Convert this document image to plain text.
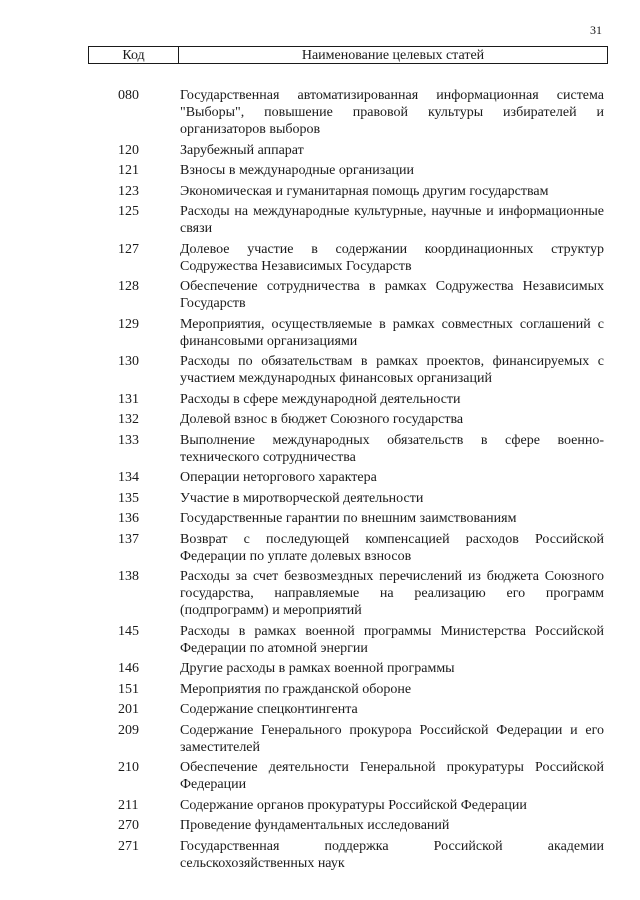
31
Код	Наименование целевых статей
080	Государственная автоматизированная информационная система "Выборы", повышение правовой культуры избирателей и организаторов выборов
120	Зарубежный аппарат
121	Взносы в международные организации
123	Экономическая и гуманитарная помощь другим государствам
125	Расходы на международные культурные, научные и информационные связи
127	Долевое участие в содержании координационных структур Содружества Независимых Государств
128	Обеспечение сотрудничества в рамках Содружества Независимых Государств
129	Мероприятия, осуществляемые в рамках совместных соглашений с финансовыми организациями
130	Расходы по обязательствам в рамках проектов, финансируемых с участием международных финансовых организаций
131	Расходы в сфере международной деятельности
132	Долевой взнос в бюджет Союзного государства
133	Выполнение международных обязательств в сфере военно-технического сотрудничества
134	Операции неторгового характера
135	Участие в миротворческой деятельности
136	Государственные гарантии по внешним заимствованиям
137	Возврат с последующей компенсацией расходов Российской Федерации по уплате долевых взносов
138	Расходы за счет безвозмездных перечислений из бюджета Союзного государства, направляемые на реализацию его программ (подпрограмм) и мероприятий
145	Расходы в рамках военной программы Министерства Российской Федерации по атомной энергии
146	Другие расходы в рамках военной программы
151	Мероприятия по гражданской обороне
201	Содержание спецконтингента
209	Содержание Генерального прокурора Российской Федерации и его заместителей
210	Обеспечение деятельности Генеральной прокуратуры Российской Федерации
211	Содержание органов прокуратуры Российской Федерации
270	Проведение фундаментальных исследований
271	Государственная поддержка Российской академии сельскохозяйственных наук
